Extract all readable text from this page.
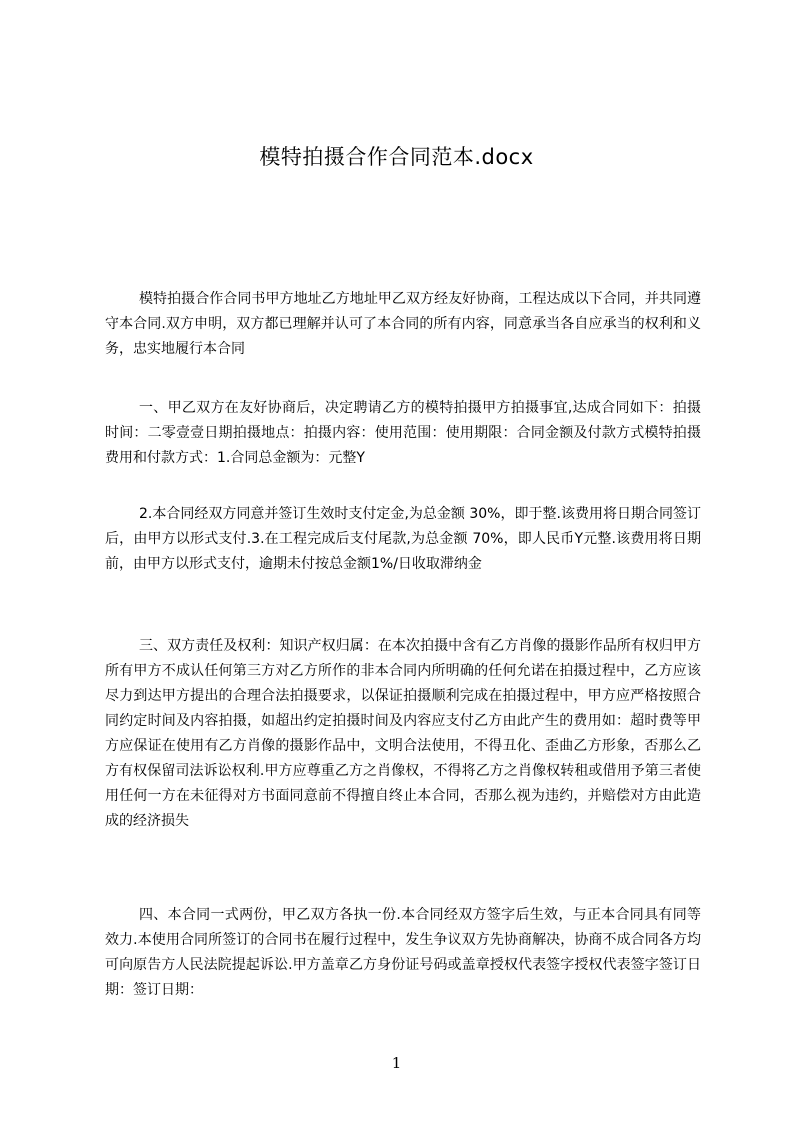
模特拍摄合作合同范本.docx

模特拍摄合作合同书甲方地址乙方地址甲乙双方经友好协商，工程达成以下合同，并共同遵守本合同.双方申明，双方都已理解并认可了本合同的所有内容，同意承当各自应承当的权利和义务，忠实地履行本合同

一、甲乙双方在友好协商后，决定聘请乙方的模特拍摄甲方拍摄事宜,达成合同如下：拍摄时间：二零壹壹日期拍摄地点：拍摄内容：使用范围：使用期限：合同金额及付款方式模特拍摄费用和付款方式：1.合同总金额为：元整Y

2.本合同经双方同意并签订生效时支付定金,为总金额 30%，即于整.该费用将日期合同签订后，由甲方以形式支付.3.在工程完成后支付尾款,为总金额 70%，即人民币Y元整.该费用将日期前，由甲方以形式支付，逾期未付按总金额1%/日收取滞纳金

三、双方责任及权利：知识产权归属：在本次拍摄中含有乙方肖像的摄影作品所有权归甲方所有甲方不成认任何第三方对乙方所作的非本合同内所明确的任何允诺在拍摄过程中，乙方应该尽力到达甲方提出的合理合法拍摄要求，以保证拍摄顺利完成在拍摄过程中，甲方应严格按照合同约定时间及内容拍摄，如超出约定拍摄时间及内容应支付乙方由此产生的费用如：超时费等甲方应保证在使用有乙方肖像的摄影作品中，文明合法使用，不得丑化、歪曲乙方形象，否那么乙方有权保留司法诉讼权利.甲方应尊重乙方之肖像权，不得将乙方之肖像权转租或借用予第三者使用任何一方在未征得对方书面同意前不得擅自终止本合同，否那么视为违约，并赔偿对方由此造成的经济损失

四、本合同一式两份，甲乙双方各执一份.本合同经双方签字后生效，与正本合同具有同等效力.本使用合同所签订的合同书在履行过程中，发生争议双方先协商解决，协商不成合同各方均可向原告方人民法院提起诉讼.甲方盖章乙方身份证号码或盖章授权代表签字授权代表签字签订日期：签订日期：

1
